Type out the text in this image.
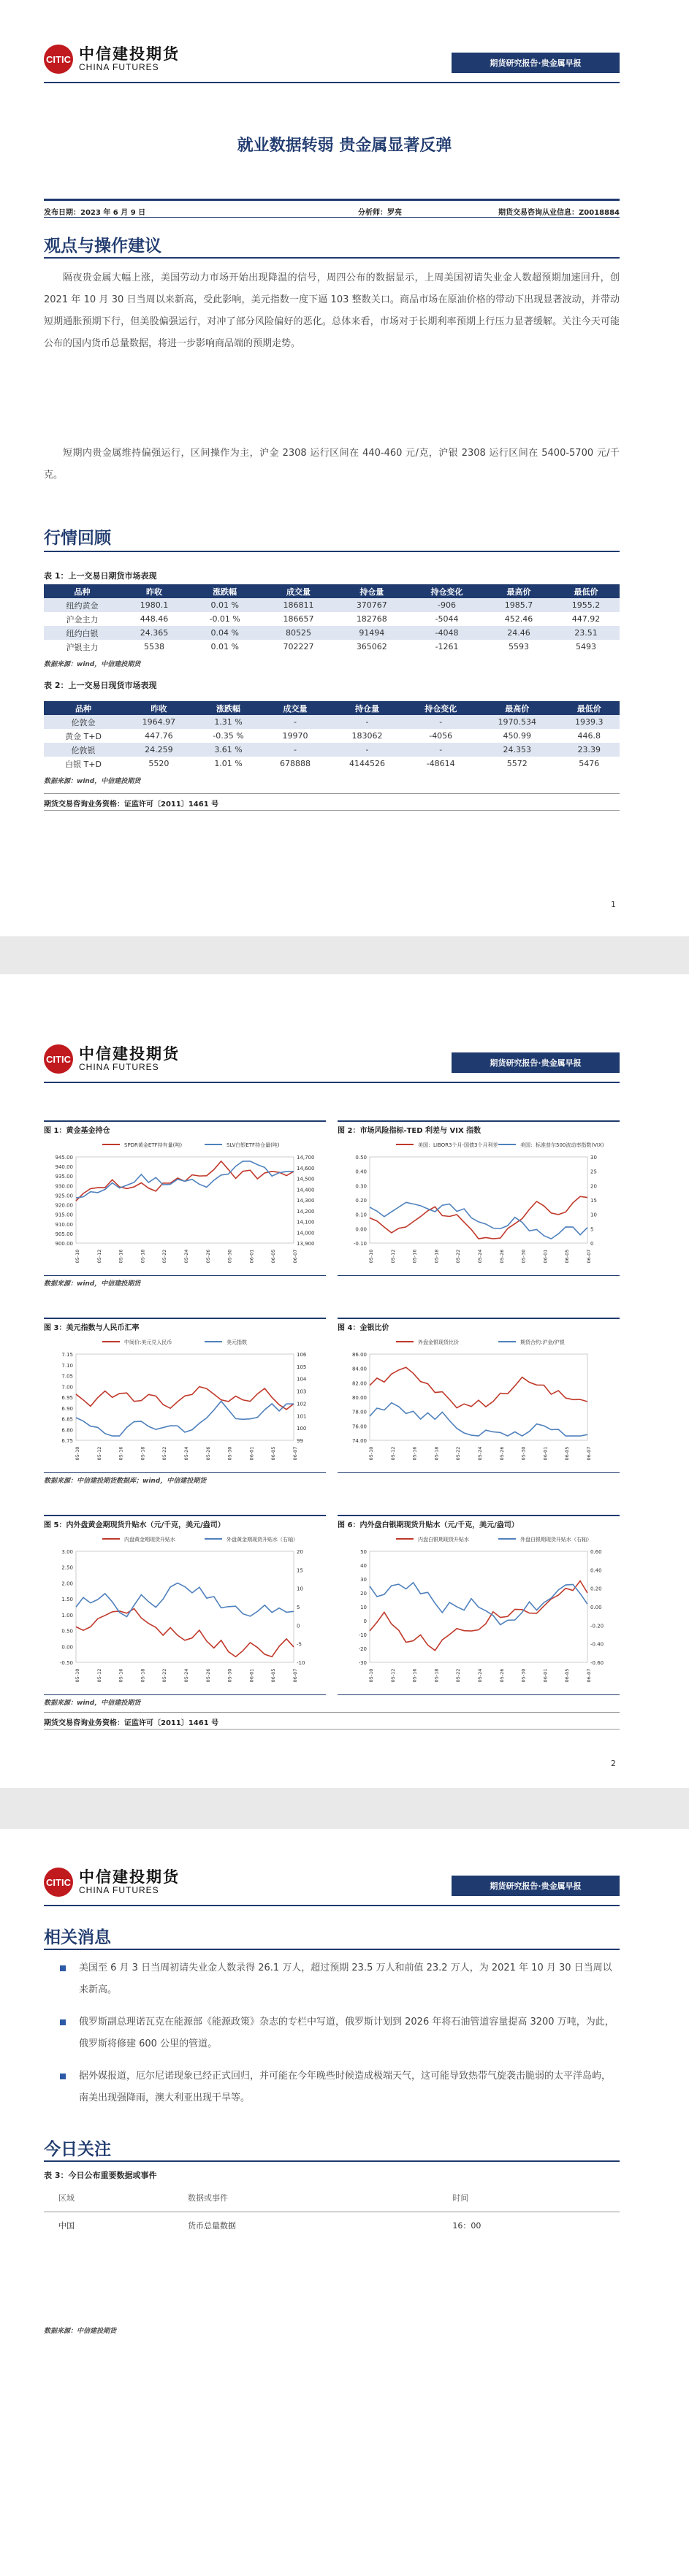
CITIC 中信建投期货
CHINA FUTURES	期货研究报告·贵金属早报
就业数据转弱 贵金属显著反弹
发布日期：2023 年 6 月 9 日	分析师：罗亮	期货交易咨询从业信息：Z0018884
观点与操作建议
隔夜贵金属大幅上涨，美国劳动力市场开始出现降温的信号，周四公布的数据显示，上周美国初请失业金人数超预期加速回升，创 2021 年 10 月 30 日当周以来新高，受此影响，美元指数一度下逼 103 整数关口。商品市场在原油价格的带动下出现显著波动，并带动短期通胀预期下行，但美股偏强运行，对冲了部分风险偏好的恶化。总体来看，市场对于长期利率预期上行压力显著缓解。关注今天可能公布的国内货币总量数据，将进一步影响商品端的预期走势。
短期内贵金属维持偏强运行，区间操作为主，沪金 2308 运行区间在 440-460 元/克，沪银 2308 运行区间在 5400-5700 元/千克。
行情回顾
表 1：上一交易日期货市场表现
品种	昨收	涨跌幅	成交量	持仓量	持仓变化	最高价	最低价
纽约黄金	1980.1	0.01 %	186811	370767	-906	1985.7	1955.2
沪金主力	448.46	-0.01 %	186657	182768	-5044	452.46	447.92
纽约白银	24.365	0.04 %	80525	91494	-4048	24.46	23.51
沪银主力	5538	0.01 %	702227	365062	-1261	5593	5493
数据来源：wind，中信建投期货
表 2：上一交易日现货市场表现
品种	昨收	涨跌幅	成交量	持仓量	持仓变化	最高价	最低价
伦敦金	1964.97	1.31 %	-	-	-	1970.534	1939.3
黄金 T+D	447.76	-0.35 %	19970	183062	-4056	450.99	446.8
伦敦银	24.259	3.61 %	-	-	-	24.353	23.39
白银 T+D	5520	1.01 %	678888	4144526	-48614	5572	5476
数据来源：wind，中信建投期货
期货交易咨询业务资格：证监许可〔2011〕1461 号
1
CITIC 中信建投期货
CHINA FUTURES	期货研究报告·贵金属早报
图 1：黄金基金持仓
SPDR黄金ETF持有量(吨)	SLV白银ETF持仓量(吨)
945.00
940.00
935.00
930.00
925.00
920.00
915.00
910.00
905.00
900.00
14,700
14,600
14,500
14,400
14,300
14,200
14,100
14,000
13,900
05-10	05-12	05-16	05-18	05-22	05-24	05-26	05-30	06-01	06-05	06-07
数据来源：wind，中信建投期货
图 2：市场风险指标-TED 利差与 VIX 指数
美国：LIBOR3个月-国债3个月利差	美国：标准普尔500波动率指数(VIX)
0.50
0.40
0.30
0.20
0.10
0.00
-0.10
30
25
20
15
10
5
0
05-10	05-12	05-16	05-18	05-22	05-24	05-26	05-30	06-01	06-05	06-07
图 3：美元指数与人民币汇率
中间价:美元兑人民币	美元指数
7.15
7.10
7.05
7.00
6.95
6.90
6.85
6.80
6.75
106
105
104
103
102
101
100
99
05-10	05-12	05-16	05-18	05-22	05-24	05-26	05-30	06-01	06-05	06-07
数据来源：中信建投期货数据库；wind，中信建投期货
图 4：金银比价
外盘金银现货比价	期货合约:沪金/沪银
86.00
84.00
82.00
80.00
78.00
76.00
74.00
05-10	05-12	05-16	05-18	05-22	05-24	05-26	05-30	06-01	06-05	06-07
图 5：内外盘黄金期现货升贴水（元/千克，美元/盎司）
内盘黄金期现货升贴水	外盘黄金期现货升贴水（右轴）
3.00
2.50
2.00
1.50
1.00
0.50
0.00
-0.50
20
15
10
5
0
-5
-10
05-10	05-12	05-16	05-18	05-22	05-24	05-26	05-30	06-01	06-05	06-07
数据来源：wind，中信建投期货
图 6：内外盘白银期现货升贴水（元/千克，美元/盎司）
内盘白银期现货升贴水	外盘白银期现货升贴水（右轴）
50
40
30
20
10
0
-10
-20
-30
0.60
0.40
0.20
0.00
-0.20
-0.40
-0.60
05-10	05-12	05-16	05-18	05-22	05-24	05-26	05-30	06-01	06-05	06-07
期货交易咨询业务资格：证监许可〔2011〕1461 号
2
CITIC 中信建投期货
CHINA FUTURES	期货研究报告·贵金属早报
相关消息
美国至 6 月 3 日当周初请失业金人数录得 26.1 万人，超过预期 23.5 万人和前值 23.2 万人，为 2021 年 10 月 30 日当周以来新高。
俄罗斯副总理诺瓦克在能源部《能源政策》杂志的专栏中写道，俄罗斯计划到 2026 年将石油管道容量提高 3200 万吨，为此，俄罗斯将修建 600 公里的管道。
据外媒报道，厄尔尼诺现象已经正式回归，并可能在今年晚些时候造成极端天气，这可能导致热带气旋袭击脆弱的太平洋岛屿，南美出现强降雨，澳大利亚出现干旱等。
今日关注
表 3：今日公布重要数据或事件
区域	数据或事件	时间
中国	货币总量数据	16：00
数据来源：中信建投期货
